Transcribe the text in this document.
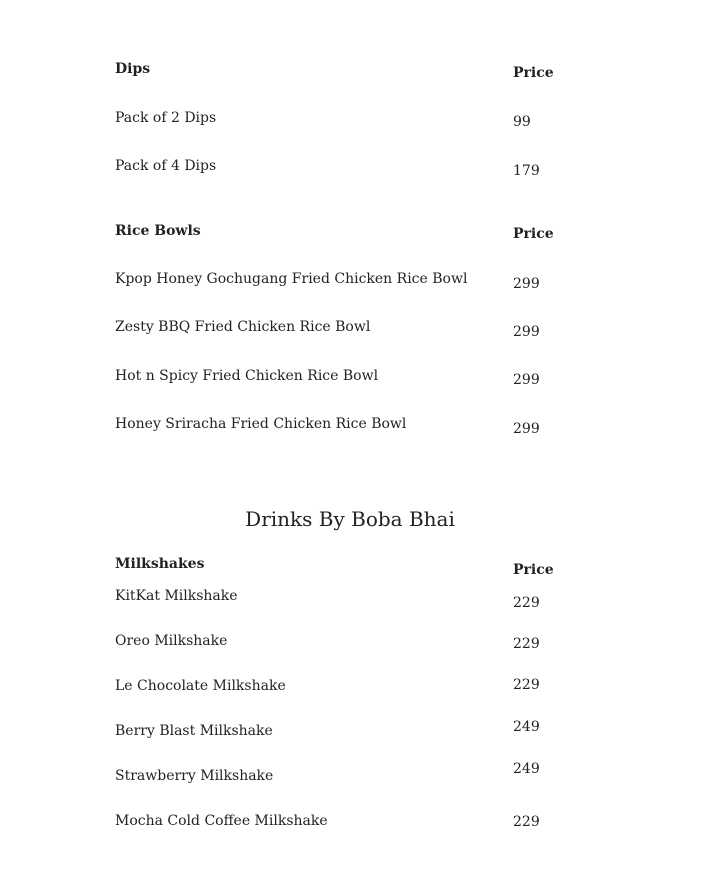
Dips	Price
Pack of 2 Dips	99
Pack of 4 Dips	179
Rice Bowls	Price
Kpop Honey Gochugang Fried Chicken Rice Bowl	299
Zesty BBQ Fried Chicken Rice Bowl	299
Hot n Spicy Fried Chicken Rice Bowl	299
Honey Sriracha Fried Chicken Rice Bowl	299
Drinks By Boba Bhai
Milkshakes	Price
KitKat Milkshake	229
Oreo Milkshake	229
Le Chocolate Milkshake	229
Berry Blast Milkshake	249
Strawberry Milkshake	249
Mocha Cold Coffee Milkshake	229
